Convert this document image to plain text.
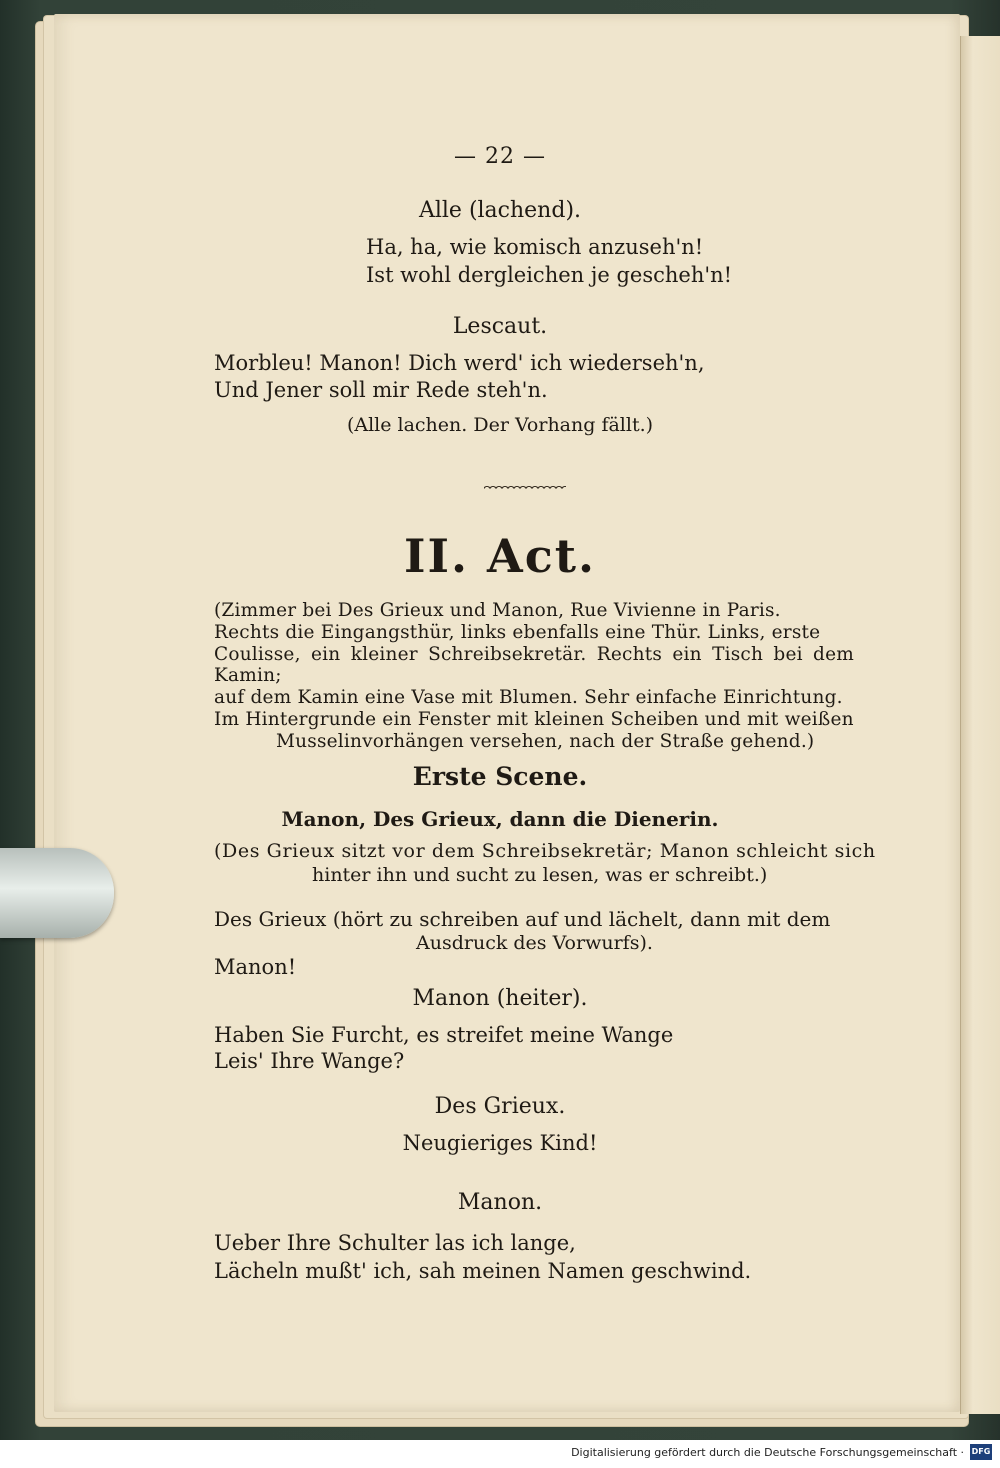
— 22 —
Alle (lachend).
Ha, ha, wie komisch anzuseh'n!
Ist wohl dergleichen je gescheh'n!
Lescaut.
Morbleu! Manon! Dich werd' ich wiederseh'n,
Und Jener soll mir Rede steh'n.
(Alle lachen. Der Vorhang fällt.)
II. Act.
(Zimmer bei Des Grieux und Manon, Rue Vivienne in Paris.
Rechts die Eingangsthür, links ebenfalls eine Thür. Links, erste
Coulisse, ein kleiner Schreibsekretär. Rechts ein Tisch bei dem Kamin;
auf dem Kamin eine Vase mit Blumen. Sehr einfache Einrichtung.
Im Hintergrunde ein Fenster mit kleinen Scheiben und mit weißen
Musselinvorhängen versehen, nach der Straße gehend.)
Erste Scene.
Manon, Des Grieux, dann die Dienerin.
(Des Grieux sitzt vor dem Schreibsekretär; Manon schleicht sich
hinter ihn und sucht zu lesen, was er schreibt.)
Des Grieux (hört zu schreiben auf und lächelt, dann mit dem
Ausdruck des Vorwurfs).
Manon!
Manon (heiter).
Haben Sie Furcht, es streifet meine Wange
Leis' Ihre Wange?
Des Grieux.
Neugieriges Kind!
Manon.
Ueber Ihre Schulter las ich lange,
Lächeln mußt' ich, sah meinen Namen geschwind.
Digitalisierung gefördert durch die Deutsche Forschungsgemeinschaft · DFG
